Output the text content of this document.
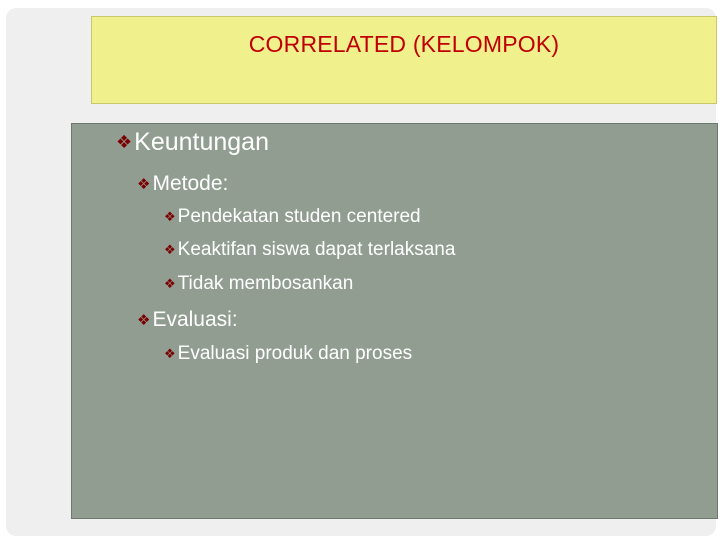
CORRELATED (KELOMPOK)
❖ Keuntungan
❖ Metode:
❖ Pendekatan studen centered
❖ Keaktifan siswa dapat terlaksana
❖ Tidak membosankan
❖ Evaluasi:
❖ Evaluasi produk dan proses
